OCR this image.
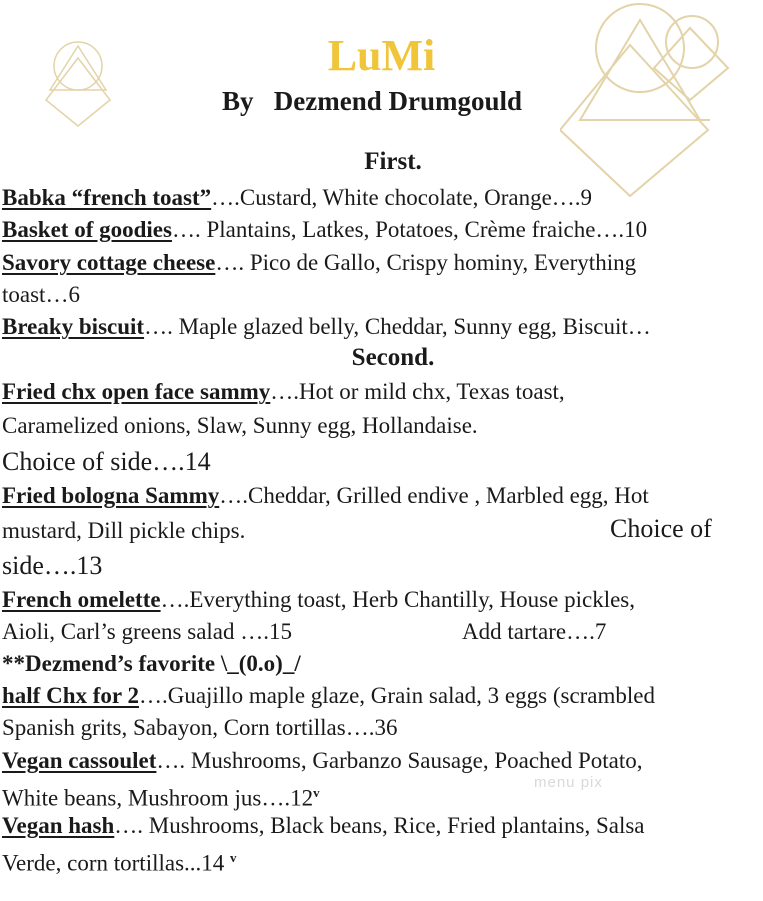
LuMi
By   Dezmend Drumgould
First.
Babka “french toast”….Custard, White chocolate, Orange….9
Basket of goodies…. Plantains, Latkes, Potatoes, Crème fraiche….10
Savory cottage cheese…. Pico de Gallo, Crispy hominy, Everything
toast…6
Breaky biscuit…. Maple glazed belly, Cheddar, Sunny egg, Biscuit…
Second.
Fried chx open face sammy….Hot or mild chx, Texas toast,
Caramelized onions, Slaw, Sunny egg, Hollandaise.
Choice of side….14
Fried bologna Sammy….Cheddar, Grilled endive , Marbled egg, Hot
mustard, Dill pickle chips.	Choice of
side….13
French omelette….Everything toast, Herb Chantilly, House pickles,
Aioli, Carl’s greens salad ….15	Add tartare….7
**Dezmend’s favorite \_(0.o)_/
half Chx for 2….Guajillo maple glaze, Grain salad, 3 eggs (scrambled
Spanish grits, Sabayon, Corn tortillas….36
Vegan cassoulet…. Mushrooms, Garbanzo Sausage, Poached Potato,
White beans, Mushroom jus….12$^v$
Vegan hash…. Mushrooms, Black beans, Rice, Fried plantains, Salsa
Verde, corn tortillas...14 $^v$
menu pix
